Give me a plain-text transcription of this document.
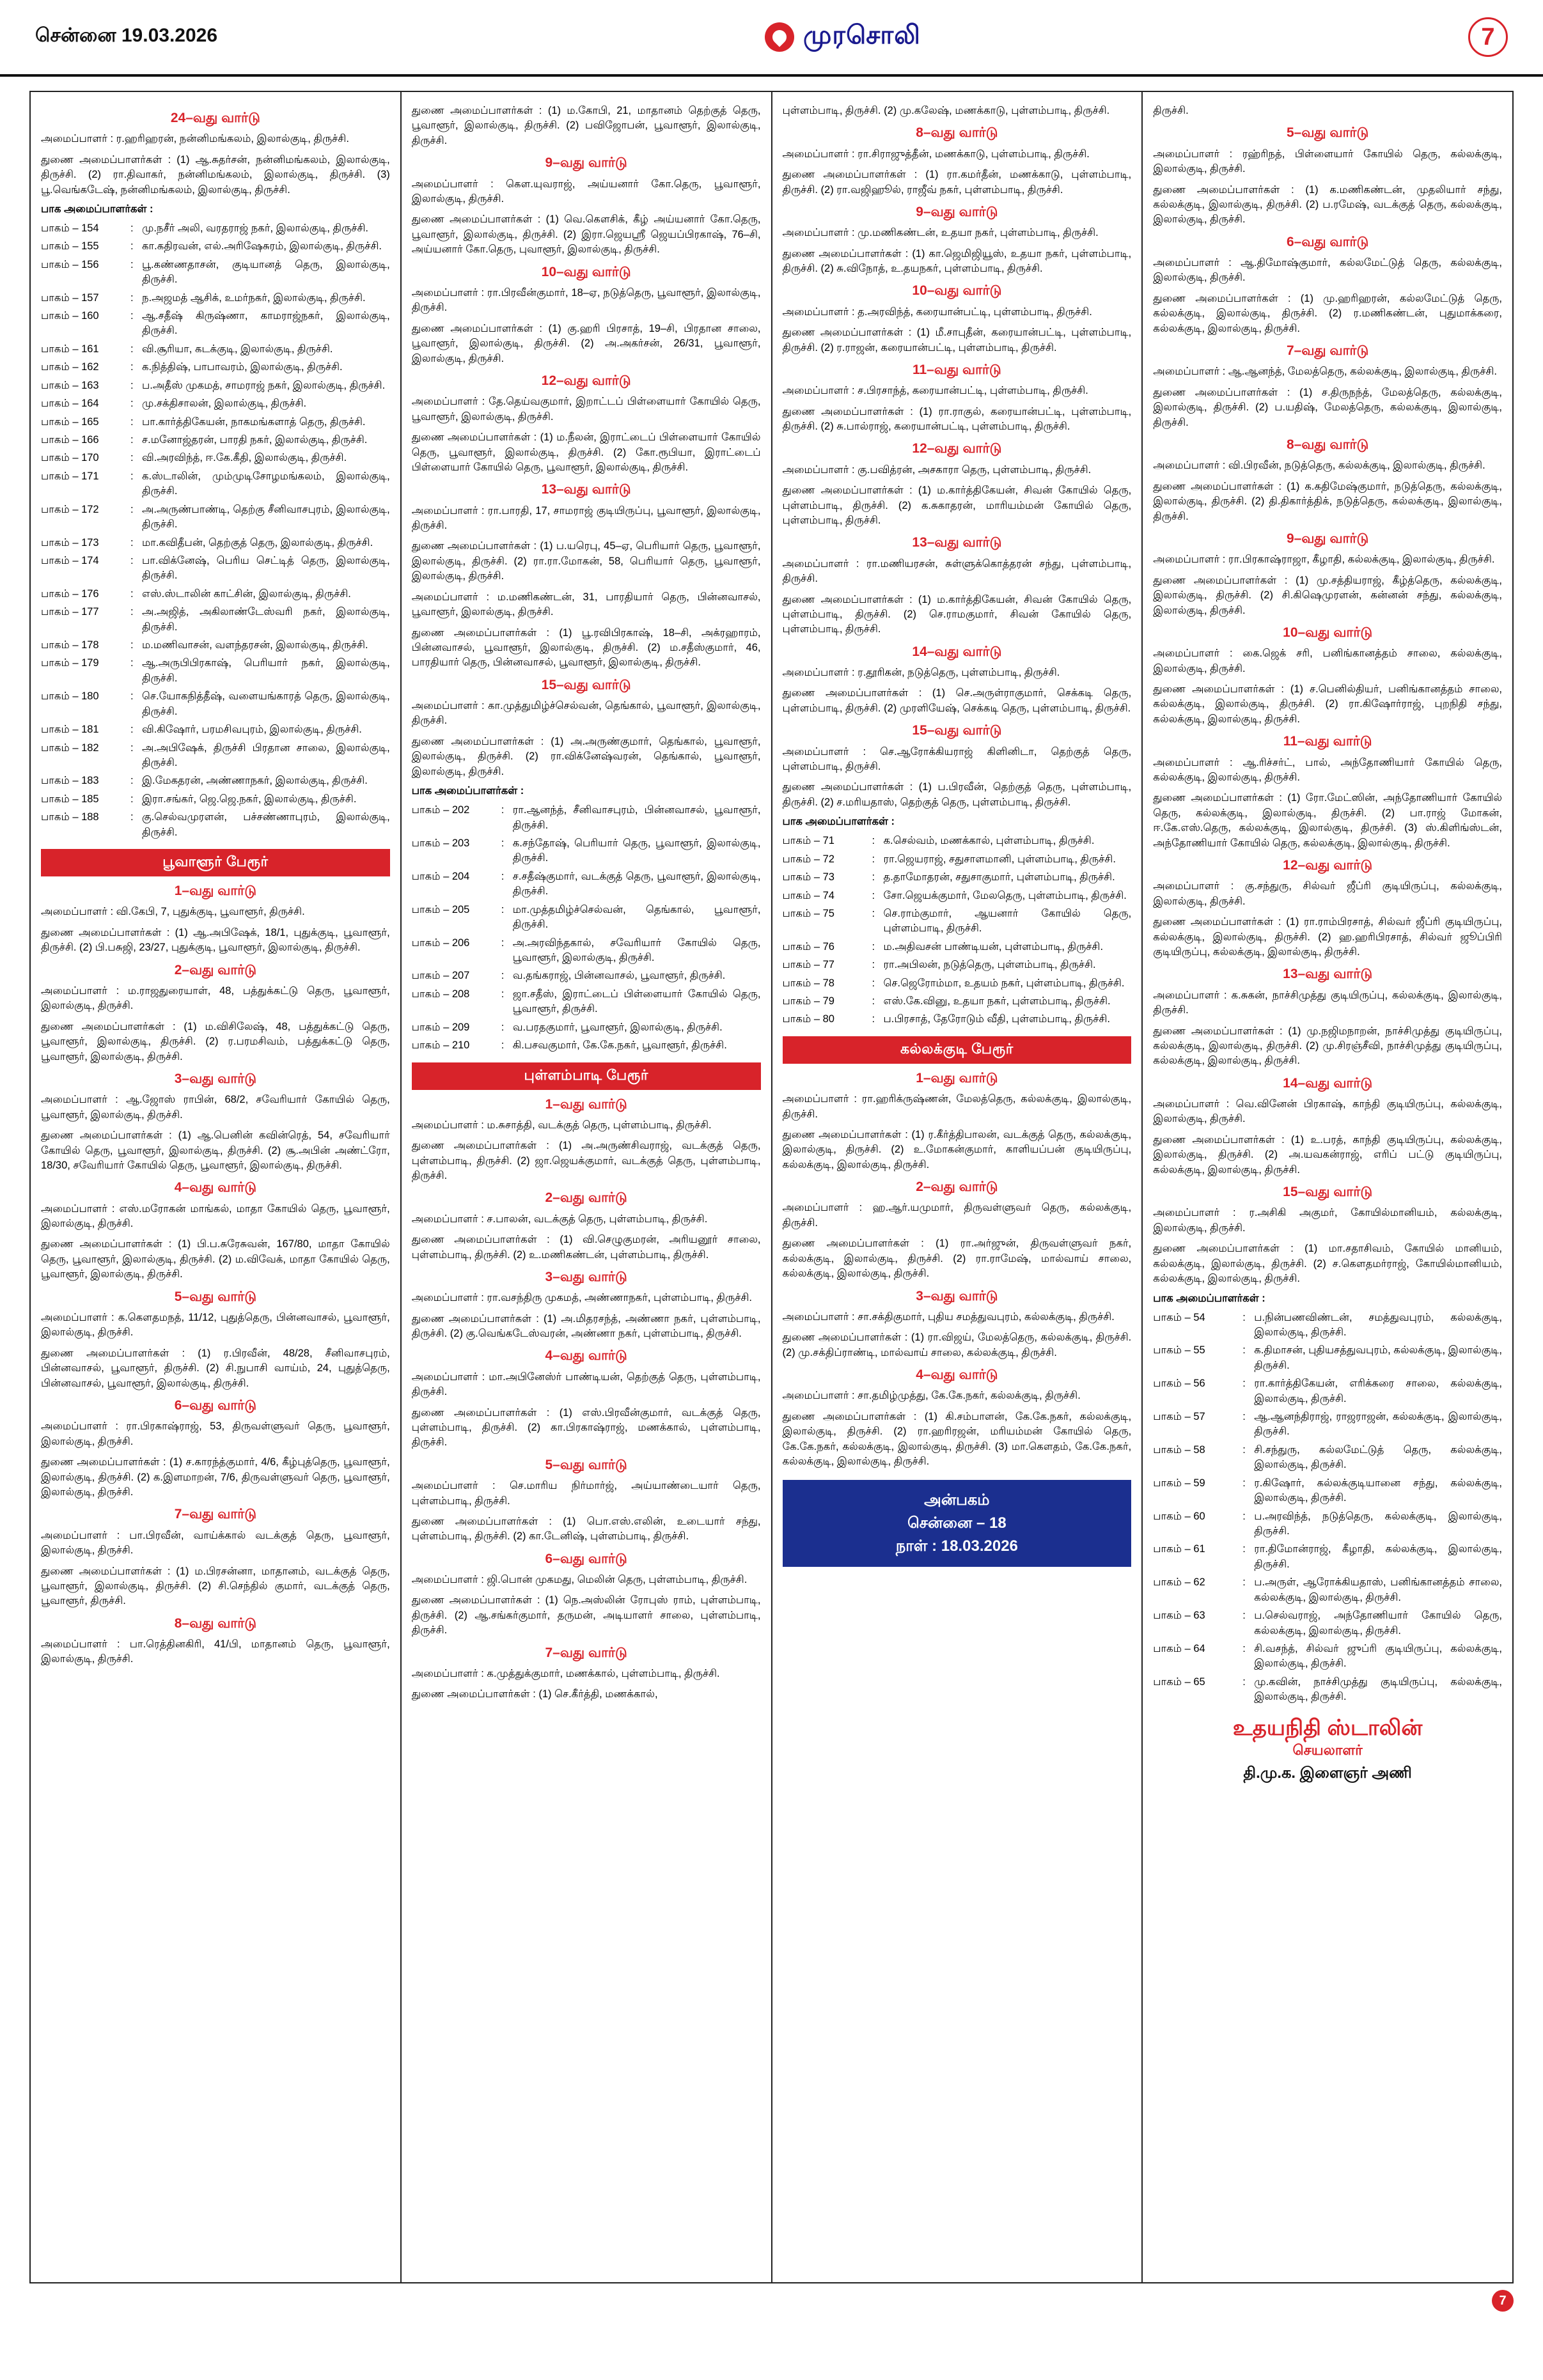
சென்னை 19.03.2026	முரசொலி	7
24–வது வார்டு

அமைப்பாளர் : ர.ஹரிஹரன், நன்னிமங்கலம், இலால்குடி, திருச்சி.

துணை அமைப்பாளர்கள் : (1) ஆ.சுதர்சன், நன்னிமங்கலம், இலால்குடி, திருச்சி. (2) ரா.திவாகர், நன்னிமங்கலம், இலால்குடி, திருச்சி. (3) பூ.வெங்கடேஷ், நன்னிமங்கலம், இலால்குடி, திருச்சி.

பாக அமைப்பாளர்கள் :
பாகம் – 154	: மு.நசீர் அலி, வரதராஜ் நகர், இலால்குடி, திருச்சி.
பாகம் – 155	: கா.கதிரவன், எல்.அரிஷேசுரம், இலால்குடி, திருச்சி.
பாகம் – 156	: பூ.கண்ணதாசன், குடியானத் தெரு, இலால்குடி, திருச்சி.
பாகம் – 157	: ந.அஜமத் ஆசிக், உமர்நகர், இலால்குடி, திருச்சி.
பாகம் – 160	: ஆ.சதீஷ் கிருஷ்ணா, காமராஜ்நகர், இலால்குடி, திருச்சி.
பாகம் – 161	: வி.சூரியா, கடக்குடி, இலால்குடி, திருச்சி.
பாகம் – 162	: க.நித்திஷ், பாபாவரம், இலால்குடி, திருச்சி.
பாகம் – 163	: ப.அதீஸ் முகமத், சாமராஜ் நகர், இலால்குடி, திருச்சி.
பாகம் – 164	: மு.சக்திசாலன், இலால்குடி, திருச்சி.
பாகம் – 165	: பா.கார்த்திகேயன், நாகமங்களாத் தெரு, திருச்சி.
பாகம் – 166	: ச.மனோஜ்தரன், பாரதி நகர், இலால்குடி, திருச்சி.
பாகம் – 170	: வி.அரவிந்த், ஈ.கே.கீதி, இலால்குடி, திருச்சி.
பாகம் – 171	: க.ஸ்டாலின், மும்முடிசோழமங்கலம், இலால்குடி, திருச்சி.
பாகம் – 172	: அ.அருண்பாண்டி, தெற்கு சீனிவாசபுரம், இலால்குடி, திருச்சி.
பாகம் – 173	: மா.கவிதீபன், தெற்குத் தெரு, இலால்குடி, திருச்சி.
பாகம் – 174	: பா.விக்னேஷ், பெரிய செட்டித் தெரு, இலால்குடி, திருச்சி.
பாகம் – 176	: எஸ்.ஸ்டாலின் காட்சின், இலால்குடி, திருச்சி.
பாகம் – 177	: அ.அஜித், அகிலாண்டேஸ்வரி நகர், இலால்குடி, திருச்சி.
பாகம் – 178	: ம.மணிவாசன், வளந்தரசன், இலால்குடி, திருச்சி.
பாகம் – 179	: ஆ.அருபிபிரகாஷ், பெரியாா் நகர், இலால்குடி, திருச்சி.
பாகம் – 180	: செ.யோகநித்தீஷ், வளையங்காரத் தெரு, இலால்குடி, திருச்சி.
பாகம் – 181	: வி.கிஷோர், பரமசிவபுரம், இலால்குடி, திருச்சி.
பாகம் – 182	: அ.அபிஷேக், திருச்சி பிரதான சாலை, இலால்குடி, திருச்சி.
பாகம் – 183	: இ.மேகதரன், அண்ணாநகர், இலால்குடி, திருச்சி.
பாகம் – 185	: இரா.சங்கர், ஜெ.ஜெ.நகர், இலால்குடி, திருச்சி.
பாகம் – 188	: கு.செல்வமுரளன், பச்சண்ணாபுரம், இலால்குடி, திருச்சி.
பூவாளூர் பேரூர்
1–வது வார்டு

அமைப்பாளர் : வி.கேபி, 7, புதுக்குடி, பூவாளூர், திருச்சி.

துணை அமைப்பாளர்கள் : (1) ஆ.அபிஷேக், 18/1, புதுக்குடி, பூவாளூர், திருச்சி. (2) பி.பசுஜி, 23/27, புதுக்குடி, பூவாளூர், இலால்குடி, திருச்சி.

2–வது வார்டு

அமைப்பாளர் : ம.ராஜதுரையாள், 48, பத்துக்கட்டு தெரு, பூவாளூர், இலால்குடி, திருச்சி.

துணை அமைப்பாளர்கள் : (1) ம.விசிலேஷ், 48, பத்துக்கட்டு தெரு, பூவாளூர், இலால்குடி, திருச்சி. (2) ர.பரமசிவம், பத்துக்கட்டு தெரு, பூவாளூர், இலால்குடி, திருச்சி.

3–வது வார்டு

அமைப்பாளர் : ஆ.ஜோஸ் ராபின், 68/2, சவேரியார் கோயில் தெரு, பூவாளூர், இலால்குடி, திருச்சி.

துணை அமைப்பாளர்கள் : (1) ஆ.பெனின் கவின்ரெத், 54, சவேரியார் கோயில் தெரு, பூவாளூர், இலால்குடி, திருச்சி. (2) சூ.அபின் அண்ட்ரோ, 18/30, சவேரியார் கோயில் தெரு, பூவாளூர், இலால்குடி, திருச்சி.

4–வது வார்டு

அமைப்பாளர் : எஸ்.மரோகன் மாங்கல், மாதா கோயில் தெரு, பூவாளூர், இலால்குடி, திருச்சி.

துணை அமைப்பாளர்கள் : (1) பி.ப.சுரேசுவன், 167/80, மாதா கோயில் தெரு, பூவாளூர், இலால்குடி, திருச்சி. (2) ம.விவேக், மாதா கோயில் தெரு, பூவாளூர், இலால்குடி, திருச்சி.

5–வது வார்டு

அமைப்பாளர் : க.கௌதமநத், 11/12, புதுத்தெரு, பின்னவாசல், பூவாளூர், இலால்குடி, திருச்சி.

துணை அமைப்பாளர்கள் : (1) ர.பிரவீன், 48/28, சீனிவாசபுரம், பின்னவாசல், பூவாளூர், திருச்சி. (2) சி.நுபாசி வாய்ம், 24, புதுத்தெரு, பின்னவாசல், பூவாளூர், இலால்குடி, திருச்சி.

6–வது வார்டு

அமைப்பாளர் : ரா.பிரகாஷ்ராஜ், 53, திருவள்ளுவர் தெரு, பூவாளூர், இலால்குடி, திருச்சி.

துணை அமைப்பாளர்கள் : (1) ச.காரந்த்குமார், 4/6, கீழ்புத்தெரு, பூவாளூர், இலால்குடி, திருச்சி. (2) க.இளமாறன், 7/6, திருவள்ளுவர் தெரு, பூவாளூர், இலால்குடி, திருச்சி.

7–வது வார்டு

அமைப்பாளர் : பா.பிரவீன், வாய்க்கால் வடக்குத் தெரு, பூவாளூர், இலால்குடி, திருச்சி.

துணை அமைப்பாளர்கள் : (1) ம.பிரசன்னா, மாதானம், வடக்குத் தெரு, பூவாளூர், இலால்குடி, திருச்சி. (2) சி.செந்தில் குமார், வடக்குத் தெரு, பூவாளூர், திருச்சி.

8–வது வார்டு

அமைப்பாளர் : பா.ரெத்தினகிரி, 41/பி, மாதானம் தெரு, பூவாளூர், இலால்குடி, திருச்சி.

துணை அமைப்பாளர்கள் : (1) ம.கோபி, 21, மாதானம் தெற்குத் தெரு, பூவாளூர், இலால்குடி, திருச்சி. (2) பவிஜோபன், பூவாளூர், இலால்குடி, திருச்சி.

9–வது வார்டு

அமைப்பாளர் : கௌ.யுவராஜ், அய்யனார் கோ.தெரு, பூவாளூர், இலால்குடி, திருச்சி.

துணை அமைப்பாளர்கள் : (1) வெ.கௌசிக், கீழ் அய்யனார் கோ.தெரு, பூவாளூர், இலால்குடி, திருச்சி. (2) இரா.ஜெயஸ்ரீ ஜெயப்பிரகாஷ், 76–சி, அய்யனார் கோ.தெரு, புவாளூர், இலால்குடி, திருச்சி.

10–வது வார்டு

அமைப்பாளர் : ரா.பிரவீன்குமார், 18–ஏ, நடுத்தெரு, பூவாளூர், இலால்குடி, திருச்சி.

துணை அமைப்பாளர்கள் : (1) கு.ஹரி பிரசாத், 19–சி, பிரதான சாலை, பூவாளூர், இலால்குடி, திருச்சி. (2) அ.அகர்சன், 26/31, பூவாளூர், இலால்குடி, திருச்சி.

12–வது வார்டு

அமைப்பாளர் : தே.தெய்வகுமார், இறாட்டப் பிள்ளையார் கோயில் தெரு, பூவாளூர், இலால்குடி, திருச்சி.

துணை அமைப்பாளர்கள் : (1) ம.நீலன், இராட்டைப் பிள்ளையார் கோயில் தெரு, பூவாளூர், இலால்குடி, திருச்சி. (2) கோ.ரூபியா, இராட்டைப் பிள்ளையார் கோயில் தெரு, பூவாளூர், இலால்குடி, திருச்சி.

13–வது வார்டு

அமைப்பாளர் : ரா.பாரதி, 17, சாமராஜ் குடியிருப்பு, பூவாளூர், இலால்குடி, திருச்சி.

துணை அமைப்பாளர்கள் : (1) ப.யரெபு, 45–ஏ, பெரியார் தெரு, பூவாளூர், இலால்குடி, திருச்சி. (2) ரா.ரா.மோகன், 58, பெரியார் தெரு, பூவாளூர், இலால்குடி, திருச்சி.

அமைப்பாளர் : ம.மணிகண்டன், 31, பாரதியார் தெரு, பின்னவாசல், பூவாளூர், இலால்குடி, திருச்சி.

துணை அமைப்பாளர்கள் : (1) பூ.ரவிபிரகாஷ், 18–சி, அக்ரஹாரம், பின்னவாசல், பூவாளூர், இலால்குடி, திருச்சி. (2) ம.சதீஸ்குமார், 46, பாரதியார் தெரு, பின்னவாசல், பூவாளூர், இலால்குடி, திருச்சி.

15–வது வார்டு

அமைப்பாளர் : கா.முத்துமிழ்ச்செல்வன், தெங்கால், பூவாளூர், இலால்குடி, திருச்சி.

துணை அமைப்பாளர்கள் : (1) அ.அருண்குமார், தெங்கால், பூவாளூர், இலால்குடி, திருச்சி. (2) ரா.விக்னேஷ்வரன், தெங்கால், பூவாளூர், இலால்குடி, திருச்சி.

பாக அமைப்பாளர்கள் :
பாகம் – 202	: ரா.ஆனந்த், சீனிவாசபுரம், பின்னவாசல், பூவாளூர், திருச்சி.
பாகம் – 203	: க.சந்தோஷ், பெரியார் தெரு, பூவாளூர், இலால்குடி, திருச்சி.
பாகம் – 204	: ச.சதீஷ்குமார், வடக்குத் தெரு, பூவாளூர், இலால்குடி, திருச்சி.
பாகம் – 205	: மா.முத்தமிழ்ச்செல்வன், தெங்கால், பூவாளூர், திருச்சி.
பாகம் – 206	: அ.அரவிந்தகால், சவேரியார் கோயில் தெரு, பூவாளூர், இலால்குடி, திருச்சி.
பாகம் – 207	: வ.தங்கராஜ், பின்னவாசல், பூவாளூர், திருச்சி.
பாகம் – 208	: ஜா.சதீஸ், இராட்டைப் பிள்ளையார் கோயில் தெரு, பூவாளூர், திருச்சி.
பாகம் – 209	: வ.பரதகுமார், பூவாளூர், இலால்குடி, திருச்சி.
பாகம் – 210	: கி.பசவகுமார், கே.கே.நகர், பூவாளூர், திருச்சி.
புள்ளம்பாடி பேரூர்
1–வது வார்டு

அமைப்பாளர் : ம.சுசாத்தி, வடக்குத் தெரு, புள்ளம்பாடி, திருச்சி.

துணை அமைப்பாளர்கள் : (1) அ.அருண்சிவராஜ், வடக்குத் தெரு, புள்ளம்பாடி, திருச்சி. (2) ஜா.ஜெயக்குமார், வடக்குத் தெரு, புள்ளம்பாடி, திருச்சி.

2–வது வார்டு

அமைப்பாளர் : ச.பாலன், வடக்குத் தெரு, புள்ளம்பாடி, திருச்சி.

துணை அமைப்பாளர்கள் : (1) வி.செழுகுமரன், அரியனூர் சாலை, புள்ளம்பாடி, திருச்சி. (2) உ.மணிகண்டன், புள்ளம்பாடி, திருச்சி.

3–வது வார்டு

அமைப்பாளர் : ரா.வசந்திரு முகமத், அண்ணாநகர், புள்ளம்பாடி, திருச்சி.

துணை அமைப்பாளர்கள் : (1) அ.மிதரசந்த், அண்ணா நகர், புள்ளம்பாடி, திருச்சி. (2) கு.வெங்கடேஸ்வரன், அண்ணா நகர், புள்ளம்பாடி, திருச்சி.

4–வது வார்டு

அமைப்பாளர் : மா.அபினேஸ்ர் பாண்டியன், தெற்குத் தெரு, புள்ளம்பாடி, திருச்சி.

துணை அமைப்பாளர்கள் : (1) எஸ்.பிரவீன்குமார், வடக்குத் தெரு, புள்ளம்பாடி, திருச்சி. (2) கா.பிரகாஷ்ராஜ், மணக்கால், புள்ளம்பாடி, திருச்சி.

5–வது வார்டு

அமைப்பாளர் : செ.மாரிய நிர்மார்ஜ், அய்யாண்டையார் தெரு, புள்ளம்பாடி, திருச்சி.

துணை அமைப்பாளர்கள் : (1) பொ.எஸ்.எலின், உடையார் சந்து, புள்ளம்பாடி, திருச்சி. (2) கா.டேனிஷ், புள்ளம்பாடி, திருச்சி.

6–வது வார்டு

அமைப்பாளர் : ஜி.பொன் முகமது, மெலின் தெரு, புள்ளம்பாடி, திருச்சி.

துணை அமைப்பாளர்கள் : (1) நெ.அஸ்லின் ரோபுஸ் ராம், புள்ளம்பாடி, திருச்சி. (2) ஆ.சங்கர்குமார், தருமன், அடியாளர் சாலை, புள்ளம்பாடி, திருச்சி.

7–வது வார்டு

அமைப்பாளர் : க.முத்துக்குமார், மணக்கால், புள்ளம்பாடி, திருச்சி.

துணை அமைப்பாளர்கள் : (1) செ.கீர்த்தி, மணக்கால்,

புள்ளம்பாடி, திருச்சி. (2) மு.கலேஷ், மணக்காடு, புள்ளம்பாடி, திருச்சி.

8–வது வார்டு

அமைப்பாளர் : ரா.சிராஜுத்தீன், மணக்காடு, புள்ளம்பாடி, திருச்சி.

துணை அமைப்பாளர்கள் : (1) ரா.கமர்தீன், மணக்காடு, புள்ளம்பாடி, திருச்சி. (2) ரா.வஜிஹூல், ராஜீவ் நகர், புள்ளம்பாடி, திருச்சி.

9–வது வார்டு

அமைப்பாளர் : மு.மணிகண்டன், உதயா நகர், புள்ளம்பாடி, திருச்சி.

துணை அமைப்பாளர்கள் : (1) கா.ஜெமிஜியூஸ், உதயா நகர், புள்ளம்பாடி, திருச்சி. (2) சு.விநோத், உ.தயநகர், புள்ளம்பாடி, திருச்சி.

10–வது வார்டு

அமைப்பாளர் : த.அரவிந்த், கரையான்பட்டி, புள்ளம்பாடி, திருச்சி.

துணை அமைப்பாளர்கள் : (1) மீ.சாபுதீன், கரையான்பட்டி, புள்ளம்பாடி, திருச்சி. (2) ர.ராஜன், கரையான்பட்டி, புள்ளம்பாடி, திருச்சி.

11–வது வார்டு

அமைப்பாளர் : ச.பிரசாந்த், கரையான்பட்டி, புள்ளம்பாடி, திருச்சி.

துணை அமைப்பாளர்கள் : (1) ரா.ராகுல், கரையான்பட்டி, புள்ளம்பாடி, திருச்சி. (2) சு.பால்ராஜ், கரையான்பட்டி, புள்ளம்பாடி, திருச்சி.

12–வது வார்டு

அமைப்பாளர் : கு.பவித்ரன், அசகாரா தெரு, புள்ளம்பாடி, திருச்சி.

துணை அமைப்பாளர்கள் : (1) ம.கார்த்திகேயன், சிவன் கோயில் தெரு, புள்ளம்பாடி, திருச்சி. (2) க.சுகாதரன், மாரியம்மன் கோயில் தெரு, புள்ளம்பாடி, திருச்சி.

13–வது வார்டு

அமைப்பாளர் : ரா.மணியரசன், சுள்ளுக்கொத்தரன் சந்து, புள்ளம்பாடி, திருச்சி.

துணை அமைப்பாளர்கள் : (1) ம.கார்த்திகேயன், சிவன் கோயில் தெரு, புள்ளம்பாடி, திருச்சி. (2) செ.ராமகுமார், சிவன் கோயில் தெரு, புள்ளம்பாடி, திருச்சி.

14–வது வார்டு

அமைப்பாளர் : ர.தூரிகன், நடுத்தெரு, புள்ளம்பாடி, திருச்சி.

துணை அமைப்பாளர்கள் : (1) செ.அருள்ராகுமார், செக்கடி தெரு, புள்ளம்பாடி, திருச்சி. (2) முரளியேஷ், செக்கடி தெரு, புள்ளம்பாடி, திருச்சி.

15–வது வார்டு

அமைப்பாளர் : செ.ஆரோக்கியராஜ் கிளினிடா, தெற்குத் தெரு, புள்ளம்பாடி, திருச்சி.

துணை அமைப்பாளர்கள் : (1) ப.பிரவீன், தெற்குத் தெரு, புள்ளம்பாடி, திருச்சி. (2) ச.மரியதாஸ், தெற்குத் தெரு, புள்ளம்பாடி, திருச்சி.

பாக அமைப்பாளர்கள் :
பாகம் – 71	: க.செல்வம், மணக்கால், புள்ளம்பாடி, திருச்சி.
பாகம் – 72	: ரா.ஜெயராஜ், சதுசாளமானி, புள்ளம்பாடி, திருச்சி.
பாகம் – 73	: த.தாமோதரன், சதுசாகுமார், புள்ளம்பாடி, திருச்சி.
பாகம் – 74	: சோ.ஜெயக்குமார், மேலதெரு, புள்ளம்பாடி, திருச்சி.
பாகம் – 75	: செ.ராம்குமார், ஆயனார் கோயில் தெரு, புள்ளம்பாடி, திருச்சி.
பாகம் – 76	: ம.அதிவசன் பாண்டியன், புள்ளம்பாடி, திருச்சி.
பாகம் – 77	: ரா.அபிலன், நடுத்தெரு, புள்ளம்பாடி, திருச்சி.
பாகம் – 78	: செ.ஜெரோம்மா, உதயம் நகர், புள்ளம்பாடி, திருச்சி.
பாகம் – 79	: எஸ்.கே.வினு, உதயா நகர், புள்ளம்பாடி, திருச்சி.
பாகம் – 80	: ப.பிரசாத், தேரோடும் வீதி, புள்ளம்பாடி, திருச்சி.
கல்லக்குடி பேரூர்
1–வது வார்டு

அமைப்பாளர் : ரா.ஹரிக்ருஷ்ணன், மேலத்தெரு, கல்லக்குடி, இலால்குடி, திருச்சி.

துணை அமைப்பாளர்கள் : (1) ர.கீர்த்திபாலன், வடக்குத் தெரு, கல்லக்குடி, இலால்குடி, திருச்சி. (2) உ.மோகன்குமார், காளியப்பன் குடியிருப்பு, கல்லக்குடி, இலால்குடி, திருச்சி.

2–வது வார்டு

அமைப்பாளர் : ஹ.ஆர்.யமுமார், திருவள்ளுவர் தெரு, கல்லக்குடி, திருச்சி.

துணை அமைப்பாளர்கள் : (1) ரா.அர்ஜுன், திருவள்ளுவர் நகர், கல்லக்குடி, இலால்குடி, திருச்சி. (2) ரா.ராமேஷ், மால்வாய் சாலை, கல்லக்குடி, இலால்குடி, திருச்சி.

3–வது வார்டு

அமைப்பாளர் : சா.சக்திகுமார், புதிய சமத்துவபுரம், கல்லக்குடி, திருச்சி.

துணை அமைப்பாளர்கள் : (1) ரா.விஜய், மேலத்தெரு, கல்லக்குடி, திருச்சி. (2) மு.சக்திப்ராண்டி, மால்வாய் சாலை, கல்லக்குடி, திருச்சி.

4–வது வார்டு

அமைப்பாளர் : சா.தமிழ்முத்து, கே.கே.நகர், கல்லக்குடி, திருச்சி.

துணை அமைப்பாளர்கள் : (1) கி.சம்பாளன், கே.கே.நகர், கல்லக்குடி, இலால்குடி, திருச்சி. (2) ரா.ஹரிரஜன், மரியம்மன் கோயில் தெரு, கே.கே.நகர், கல்லக்குடி, இலால்குடி, திருச்சி. (3) மா.கௌதம், கே.கே.நகர், கல்லக்குடி, இலால்குடி, திருச்சி.

அன்பகம்
சென்னை – 18
நாள் : 18.03.2026

திருச்சி.

5–வது வார்டு

அமைப்பாளர் : ரஹ்ரிநத், பிள்ளையார் கோயில் தெரு, கல்லக்குடி, இலால்குடி, திருச்சி.

துணை அமைப்பாளர்கள் : (1) க.மணிகண்டன், முதலியார் சந்து, கல்லக்குடி, இலால்குடி, திருச்சி. (2) ப.ரமேஷ், வடக்குத் தெரு, கல்லக்குடி, இலால்குடி, திருச்சி.

6–வது வார்டு

அமைப்பாளர் : ஆ.திமோஷ்குமார், கல்லமேட்டுத் தெரு, கல்லக்குடி, இலால்குடி, திருச்சி.

துணை அமைப்பாளர்கள் : (1) மு.ஹரிஹரன், கல்லமேட்டுத் தெரு, கல்லக்குடி, இலால்குடி, திருச்சி. (2) ர.மணிகண்டன், புதுமாக்கரை, கல்லக்குடி, இலால்குடி, திருச்சி.

7–வது வார்டு

அமைப்பாளர் : ஆ.ஆனந்த், மேலத்தெரு, கல்லக்குடி, இலால்குடி, திருச்சி.

துணை அமைப்பாளர்கள் : (1) ச.திருநந்த், மேலத்தெரு, கல்லக்குடி, இலால்குடி, திருச்சி. (2) ப.யதிஷ், மேலத்தெரு, கல்லக்குடி, இலால்குடி, திருச்சி.

8–வது வார்டு

அமைப்பாளர் : வி.பிரவீன், நடுத்தெரு, கல்லக்குடி, இலால்குடி, திருச்சி.

துணை அமைப்பாளர்கள் : (1) க.கதிமேஷ்குமார், நடுத்தெரு, கல்லக்குடி, இலால்குடி, திருச்சி. (2) தி.திகார்த்திக், நடுத்தெரு, கல்லக்குடி, இலால்குடி, திருச்சி.

9–வது வார்டு

அமைப்பாளர் : ரா.பிரகாஷ்ராஜா, கீழாதி, கல்லக்குடி, இலால்குடி, திருச்சி.

துணை அமைப்பாளர்கள் : (1) மு.சத்தியராஜ், கீழ்த்தெரு, கல்லக்குடி, இலால்குடி, திருச்சி. (2) சி.கிஷெமுரளன், கன்னன் சந்து, கல்லக்குடி, இலால்குடி, திருச்சி.

10–வது வார்டு

அமைப்பாளர் : கை.ஜெக் சரி, பனிங்கானத்தம் சாலை, கல்லக்குடி, இலால்குடி, திருச்சி.

துணை அமைப்பாளர்கள் : (1) ச.பெனில்தியர், பனிங்கானத்தம் சாலை, கல்லக்குடி, இலால்குடி, திருச்சி. (2) ரா.கிஷோர்ராஜ், புறநிதி சந்து, கல்லக்குடி, இலால்குடி, திருச்சி.

11–வது வார்டு

அமைப்பாளர் : ஆ.ரிச்சர்ட், பால், அந்தோணியார் கோயில் தெரு, கல்லக்குடி, இலால்குடி, திருச்சி.

துணை அமைப்பாளர்கள் : (1) ரோ.மேட்ஸின், அந்தோணியார் கோயில் தெரு, கல்லக்குடி, இலால்குடி, திருச்சி. (2) பா.ராஜ் மோகன், ஈ.கே.எஸ்.தெரு, கல்லக்குடி, இலால்குடி, திருச்சி. (3) ஸ்.கிளிங்ஸ்டன், அந்தோணியார் கோயில் தெரு, கல்லக்குடி, இலால்குடி, திருச்சி.

12–வது வார்டு

அமைப்பாளர் : கு.சந்துரு, சில்வர் ஜீப்ரி குடியிருப்பு, கல்லக்குடி, இலால்குடி, திருச்சி.

துணை அமைப்பாளர்கள் : (1) ரா.ராம்பிரசாத், சில்வர் ஜீப்ரி குடியிருப்பு, கல்லக்குடி, இலால்குடி, திருச்சி. (2) ஹ.ஹரிபிரசாத், சில்வர் ஜூப்பிரி குடியிருப்பு, கல்லக்குடி, இலால்குடி, திருச்சி.

13–வது வார்டு

அமைப்பாளர் : க.சுகன், நாச்சிமுத்து குடியிருப்பு, கல்லக்குடி, இலால்குடி, திருச்சி.

துணை அமைப்பாளர்கள் : (1) மு.நஜிமநாறன், நாச்சிமுத்து குடியிருப்பு, கல்லக்குடி, இலால்குடி, திருச்சி. (2) மு.சிரஞ்சீவி, நாச்சிமுத்து குடியிருப்பு, கல்லக்குடி, இலால்குடி, திருச்சி.

14–வது வார்டு

அமைப்பாளர் : வெ.வினேன் பிரகாஷ், காந்தி குடியிருப்பு, கல்லக்குடி, இலால்குடி, திருச்சி.

துணை அமைப்பாளர்கள் : (1) உ.பரத், காந்தி குடியிருப்பு, கல்லக்குடி, இலால்குடி, திருச்சி. (2) அ.யவகன்ராஜ், எரிப் பட்டு குடியிருப்பு, கல்லக்குடி, இலால்குடி, திருச்சி.

15–வது வார்டு

அமைப்பாளர் : ர.அசிகி அகுமர், கோயில்மானியம், கல்லக்குடி, இலால்குடி, திருச்சி.

துணை அமைப்பாளர்கள் : (1) மா.சதாசிவம், கோயில் மானியம், கல்லக்குடி, இலால்குடி, திருச்சி. (2) ச.கௌதமர்ராஜ், கோயில்மானியம், கல்லக்குடி, இலால்குடி, திருச்சி.

பாக அமைப்பாளர்கள் :
பாகம் – 54	: ப.நின்பணவிண்டன், சமத்துவபுரம், கல்லக்குடி, இலால்குடி, திருச்சி.
பாகம் – 55	: க.திமாசன், புதியசத்துவபுரம், கல்லக்குடி, இலால்குடி, திருச்சி.
பாகம் – 56	: ரா.கார்த்திகேயன், எரிக்கரை சாலை, கல்லக்குடி, இலால்குடி, திருச்சி.
பாகம் – 57	: ஆ.ஆனந்திராஜ், ராஜராஜன், கல்லக்குடி, இலால்குடி, திருச்சி.
பாகம் – 58	: சி.சந்துரு, கல்லமேட்டுத் தெரு, கல்லக்குடி, இலால்குடி, திருச்சி.
பாகம் – 59	: ர.கிஷோர், கல்லக்குடியானை சந்து, கல்லக்குடி, இலால்குடி, திருச்சி.
பாகம் – 60	: ப.அரவிந்த், நடுத்தெரு, கல்லக்குடி, இலால்குடி, திருச்சி.
பாகம் – 61	: ரா.திமோன்ராஜ், கீழாதி, கல்லக்குடி, இலால்குடி, திருச்சி.
பாகம் – 62	: ப.அருள், ஆரோக்கியதாஸ், பனிங்கானத்தம் சாலை, கல்லக்குடி, இலால்குடி, திருச்சி.
பாகம் – 63	: ப.செல்வராஜ், அந்தோணியார் கோயில் தெரு, கல்லக்குடி, இலால்குடி, திருச்சி.
பாகம் – 64	: சி.வசந்த், சில்வர் ஜுப்ரி குடியிருப்பு, கல்லக்குடி, இலால்குடி, திருச்சி.
பாகம் – 65	: மு.கவின், நாச்சிமுத்து குடியிருப்பு, கல்லக்குடி, இலால்குடி, திருச்சி.
உதயநிதி ஸ்டாலின்
செயலாளர்
தி.மு.க. இளைஞர் அணி
7
